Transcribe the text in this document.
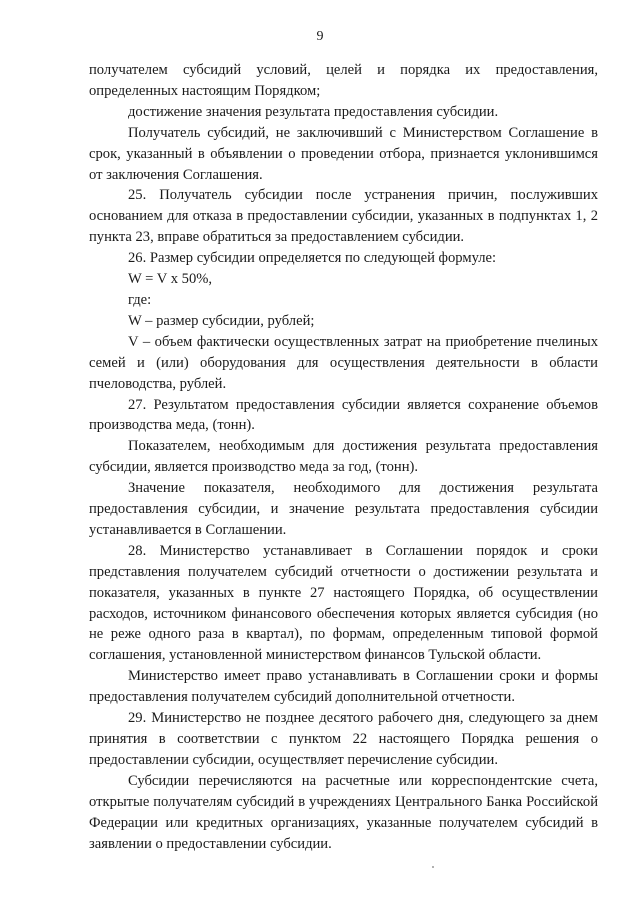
9

получателем субсидий условий, целей и порядка их предоставления, определенных настоящим Порядком;

достижение значения результата предоставления субсидии.

Получатель субсидий, не заключивший с Министерством Соглашение в срок, указанный в объявлении о проведении отбора, признается уклонившимся от заключения Соглашения.

25. Получатель субсидии после устранения причин, послуживших основанием для отказа в предоставлении субсидии, указанных в подпунктах 1, 2 пункта 23, вправе обратиться за предоставлением субсидии.

26. Размер субсидии определяется по следующей формуле:

W = V х 50%,

где:

W – размер субсидии, рублей;

V – объем фактически осуществленных затрат на приобретение пчелиных семей и (или) оборудования для осуществления деятельности в области пчеловодства, рублей.

27. Результатом предоставления субсидии является сохранение объемов производства меда, (тонн).

Показателем, необходимым для достижения результата предоставления субсидии, является производство меда за год, (тонн).

Значение показателя, необходимого для достижения результата предоставления субсидии, и значение результата предоставления субсидии устанавливается в Соглашении.

28. Министерство устанавливает в Соглашении порядок и сроки представления получателем субсидий отчетности о достижении результата и показателя, указанных в пункте 27 настоящего Порядка, об осуществлении расходов, источником финансового обеспечения которых является субсидия (но не реже одного раза в квартал), по формам, определенным типовой формой соглашения, установленной министерством финансов Тульской области.

Министерство имеет право устанавливать в Соглашении сроки и формы предоставления получателем субсидий дополнительной отчетности.

29. Министерство не позднее десятого рабочего дня, следующего за днем принятия в соответствии с пунктом 22 настоящего Порядка решения о предоставлении субсидии, осуществляет перечисление субсидии.

Субсидии перечисляются на расчетные или корреспондентские счета, открытые получателям субсидий в учреждениях Центрального Банка Российской Федерации или кредитных организациях, указанные получателем субсидий в заявлении о предоставлении субсидии.
